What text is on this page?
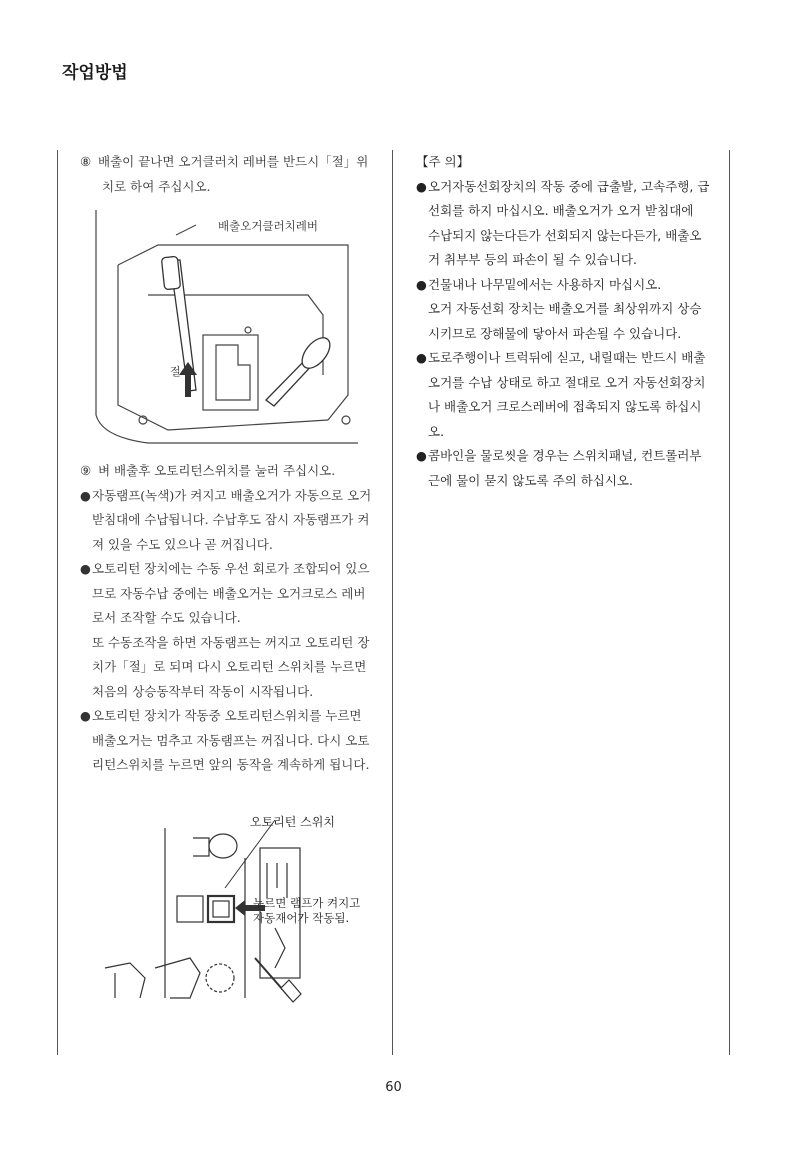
작업방법

⑧ 배출이 끝나면 오거클러치 레버를 반드시「절」위

치로 하여 주십시오.

⑨ 벼 배출후 오토리턴스위치를 눌러 주십시오.

● 자동램프(녹색)가 켜지고 배출오거가 자동으로 오거

받침대에 수납됩니다. 수납후도 잠시 자동램프가 켜

져 있을 수도 있으나 곧 꺼집니다.

● 오토리턴 장치에는 수동 우선 회로가 조합되어 있으

므로 자동수납 중에는 배출오거는 오거크로스 레버

로서 조작할 수도 있습니다.

또 수동조작을 하면 자동램프는 꺼지고 오토리턴 장

치가「절」로 되며 다시 오토리턴 스위치를 누르면

처음의 상승동작부터 작동이 시작됩니다.

● 오토리턴 장치가 작동중 오토리턴스위치를 누르면

배출오거는 멈추고 자동램프는 꺼집니다. 다시 오토

리턴스위치를 누르면 앞의 동작을 계속하게 됩니다.

배출오거클러치레버
절
오토리턴 스위치
누르면 램프가 켜지고
자동재어가 작동됨.

【주 의】

● 오거자동선회장치의 작동 중에 급출발, 고속주행, 급

선회를 하지 마십시오. 배출오거가 오거 받침대에

수납되지 않는다든가 선회되지 않는다든가, 배출오

거 취부부 등의 파손이 될 수 있습니다.

● 건물내나 나무밑에서는 사용하지 마십시오.

오거 자동선회 장치는 배출오거를 최상위까지 상승

시키므로 장해물에 닿아서 파손될 수 있습니다.

● 도로주행이나 트럭뒤에 싣고, 내릴때는 반드시 배출

오거를 수납 상태로 하고 절대로 오거 자동선회장치

나 배출오거 크로스레버에 접촉되지 않도록 하십시

오.

● 콤바인을 물로씻을 경우는 스위치패널, 컨트롤러부

근에 물이 묻지 않도록 주의 하십시오.

60
